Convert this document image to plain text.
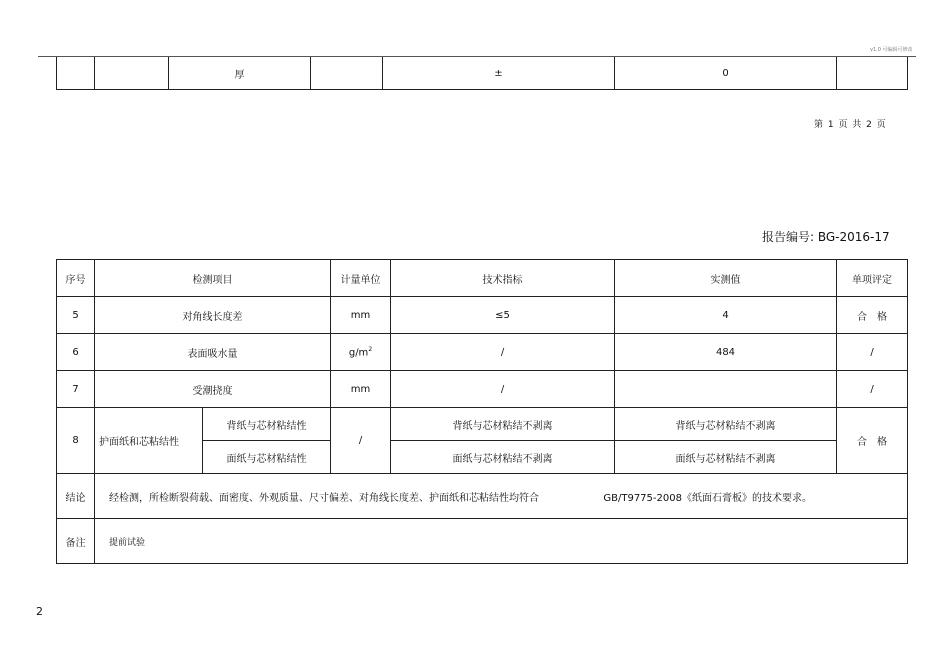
v1.0 可编辑可修改
		厚		±	0	
第 1 页 共 2 页
报告编号: BG-2016-17
序号	检测项目		计量单位	技术指标	实测值	单项评定
5	对角线长度差		mm	≤5	4	合　格
6	表面吸水量		$g/m^2$	/	484	/
7	受潮挠度		mm	/		/
8	护面纸和芯粘结性	背纸与芯材粘结性	/	背纸与芯材粘结不剥离	背纸与芯材粘结不剥离	合　格
		面纸与芯材粘结性		面纸与芯材粘结不剥离	面纸与芯材粘结不剥离	
结论	经检测，所检断裂荷载、面密度、外观质量、尺寸偏差、对角线长度差、护面纸和芯粘结性均符合 GB/T9775-2008《纸面石膏板》的技术要求。					
备注	提前试验					
2
